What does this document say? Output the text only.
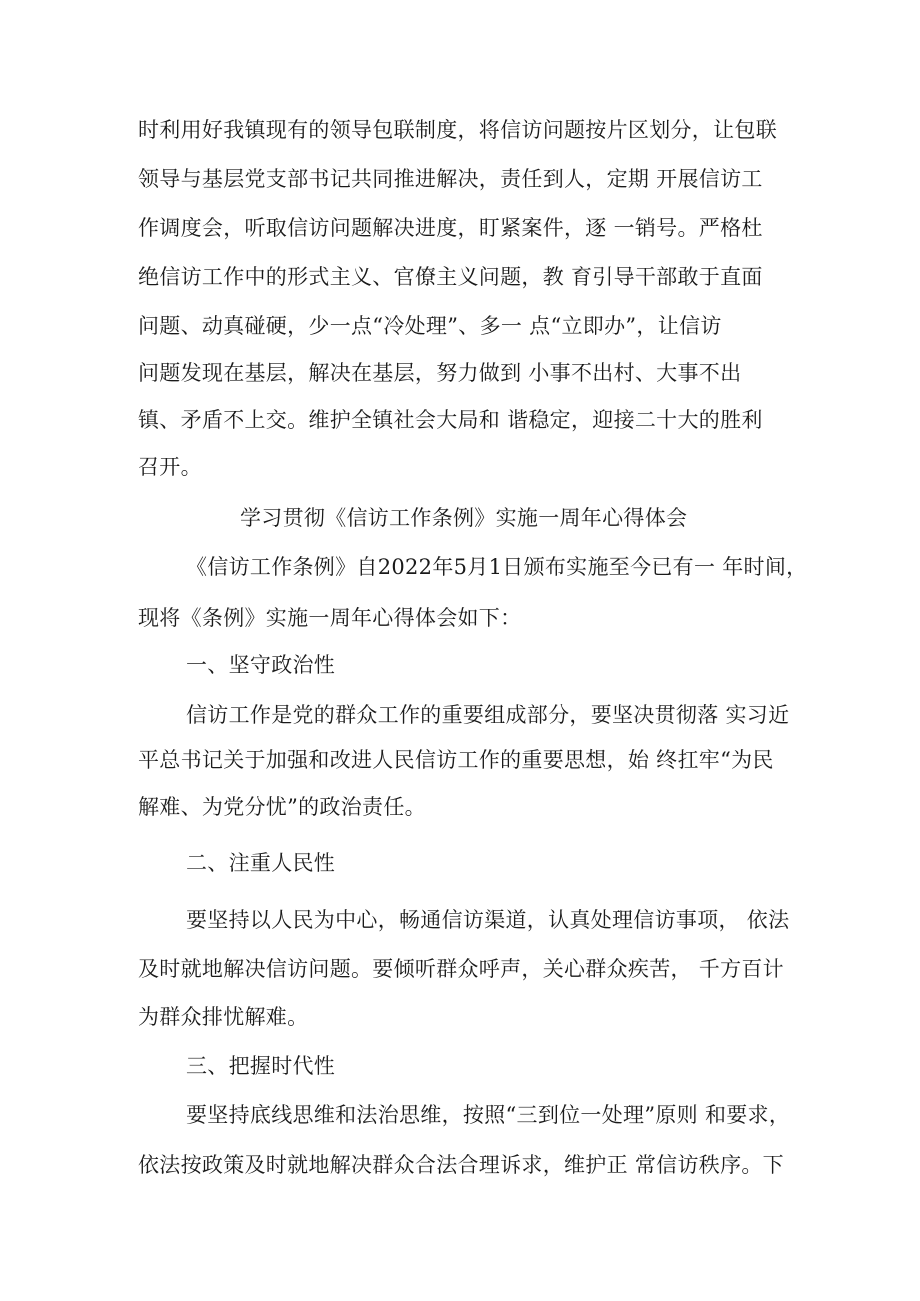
时利用好我镇现有的领导包联制度，将信访问题按片区划分，让包联
领导与基层党支部书记共同推进解决，责任到人，定期 开展信访工
作调度会，听取信访问题解决进度，盯紧案件，逐 一销号。严格杜
绝信访工作中的形式主义、官僚主义问题，教 育引导干部敢于直面
问题、动真碰硬，少一点“冷处理”、多一 点“立即办”，让信访
问题发现在基层，解决在基层，努力做到 小事不出村、大事不出
镇、矛盾不上交。维护全镇社会大局和 谐稳定，迎接二十大的胜利
召开。
学习贯彻《信访工作条例》实施一周年心得体会
《信访工作条例》自2022年5月1日颁布实施至今已有一 年时间，
现将《条例》实施一周年心得体会如下：
一、坚守政治性
信访工作是党的群众工作的重要组成部分，要坚决贯彻落 实习近
平总书记关于加强和改进人民信访工作的重要思想，始 终扛牢“为民
解难、为党分忧”的政治责任。
二、注重人民性
要坚持以人民为中心，畅通信访渠道，认真处理信访事项， 依法
及时就地解决信访问题。要倾听群众呼声，关心群众疾苦， 千方百计
为群众排忧解难。
三、把握时代性
要坚持底线思维和法治思维，按照“三到位一处理”原则 和要求，
依法按政策及时就地解决群众合法合理诉求，维护正 常信访秩序。下
